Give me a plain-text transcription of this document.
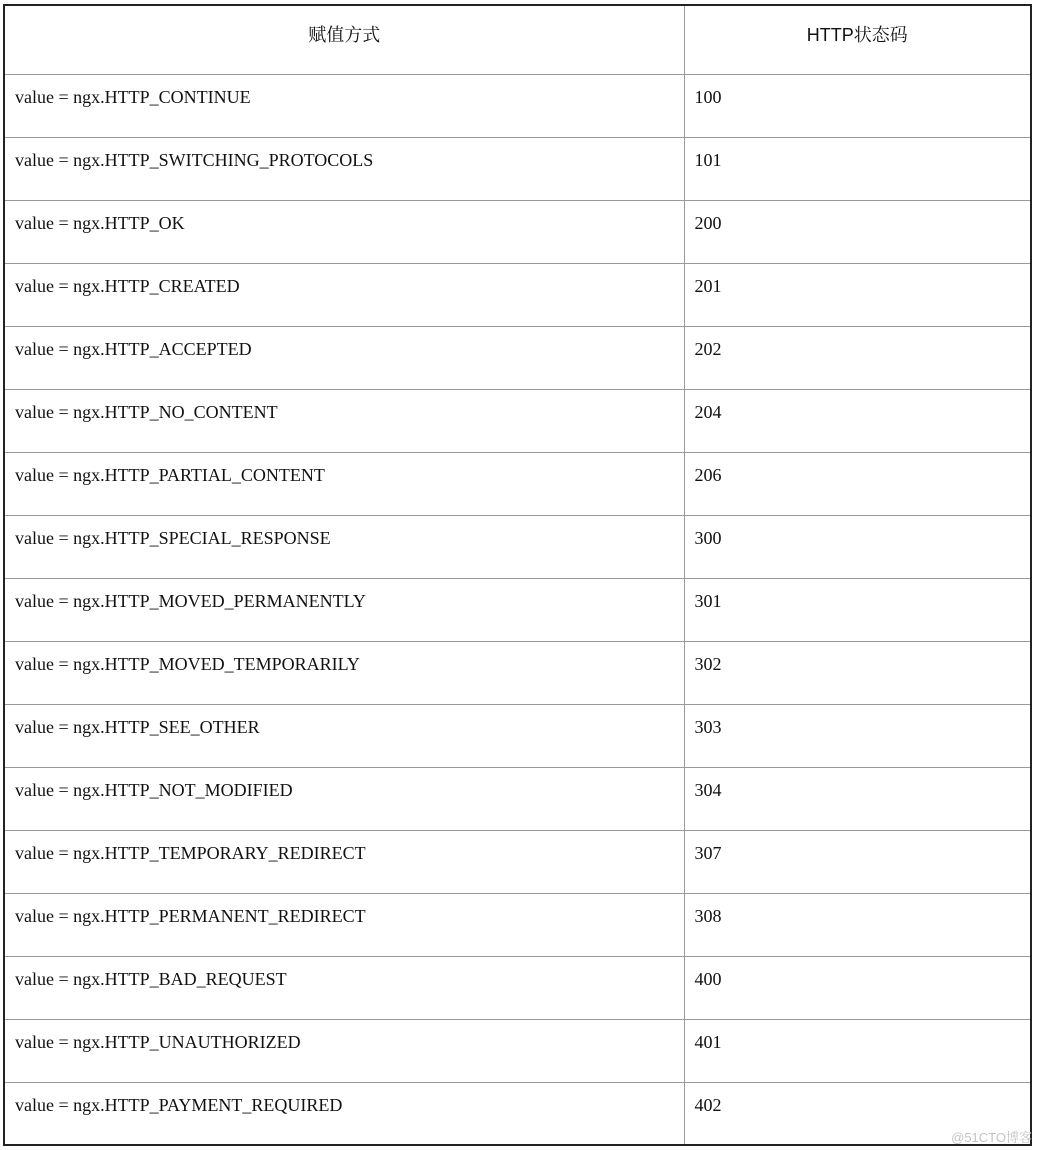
赋值方式	HTTP状态码
value = ngx.HTTP_CONTINUE	100
value = ngx.HTTP_SWITCHING_PROTOCOLS	101
value = ngx.HTTP_OK	200
value = ngx.HTTP_CREATED	201
value = ngx.HTTP_ACCEPTED	202
value = ngx.HTTP_NO_CONTENT	204
value = ngx.HTTP_PARTIAL_CONTENT	206
value = ngx.HTTP_SPECIAL_RESPONSE	300
value = ngx.HTTP_MOVED_PERMANENTLY	301
value = ngx.HTTP_MOVED_TEMPORARILY	302
value = ngx.HTTP_SEE_OTHER	303
value = ngx.HTTP_NOT_MODIFIED	304
value = ngx.HTTP_TEMPORARY_REDIRECT	307
value = ngx.HTTP_PERMANENT_REDIRECT	308
value = ngx.HTTP_BAD_REQUEST	400
value = ngx.HTTP_UNAUTHORIZED	401
value = ngx.HTTP_PAYMENT_REQUIRED	402
@51CTO博客
